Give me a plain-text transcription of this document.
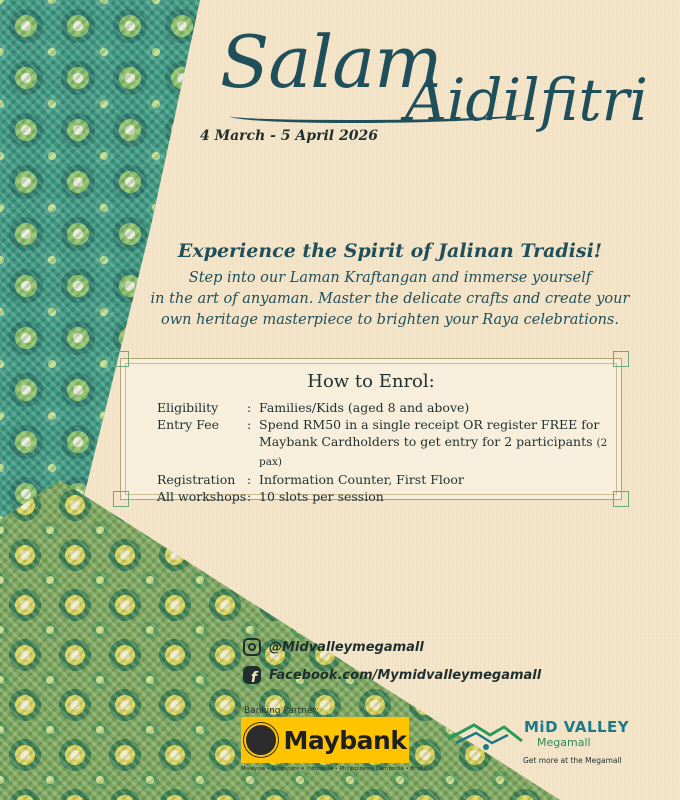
Salam
Aidilfitri
4 March - 5 April 2026
Experience the Spirit of Jalinan Tradisi!
Step into our Laman Kraftangan and immerse yourself
in the art of anyaman. Master the delicate crafts and create your
own heritage masterpiece to brighten your Raya celebrations.
How to Enrol:
Eligibility	: Families/Kids (aged 8 and above)
Entry Fee	: Spend RM50 in a single receipt OR register FREE for
Maybank Cardholders to get entry for 2 participants (2 pax)
Registration : Information Counter, First Floor
All workshops : 10 slots per session
@Midvalleymegamall
f Facebook.com/Mymidvalleymegamall
Banking Partner:
Maybank
Malaysia • Singapore • Indonesia • Philippines • Cambodia • Brunei
MiD VALLEY
Megamall
Get more at the Megamall
